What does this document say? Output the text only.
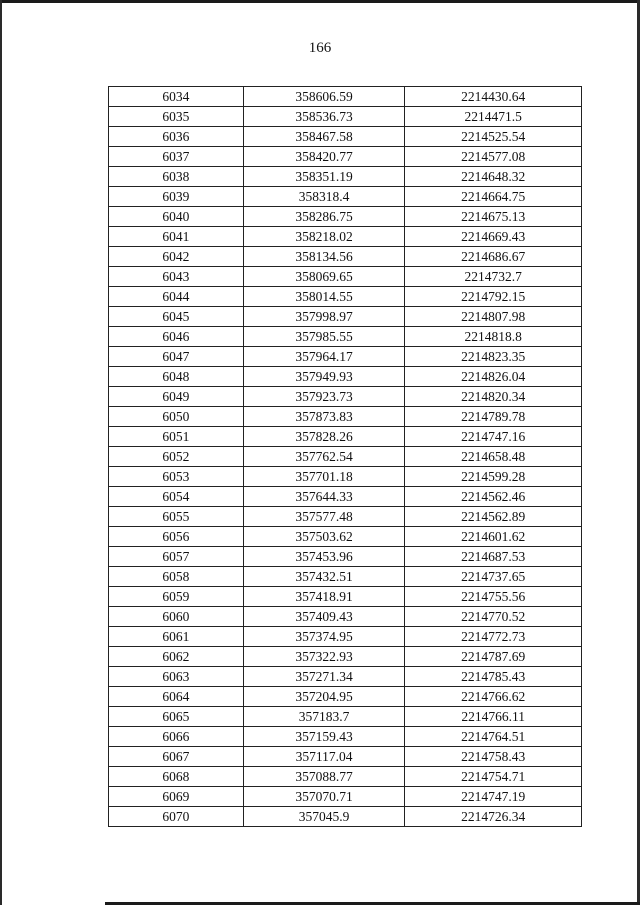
166
6034	358606.59	2214430.64
6035	358536.73	2214471.5
6036	358467.58	2214525.54
6037	358420.77	2214577.08
6038	358351.19	2214648.32
6039	358318.4	2214664.75
6040	358286.75	2214675.13
6041	358218.02	2214669.43
6042	358134.56	2214686.67
6043	358069.65	2214732.7
6044	358014.55	2214792.15
6045	357998.97	2214807.98
6046	357985.55	2214818.8
6047	357964.17	2214823.35
6048	357949.93	2214826.04
6049	357923.73	2214820.34
6050	357873.83	2214789.78
6051	357828.26	2214747.16
6052	357762.54	2214658.48
6053	357701.18	2214599.28
6054	357644.33	2214562.46
6055	357577.48	2214562.89
6056	357503.62	2214601.62
6057	357453.96	2214687.53
6058	357432.51	2214737.65
6059	357418.91	2214755.56
6060	357409.43	2214770.52
6061	357374.95	2214772.73
6062	357322.93	2214787.69
6063	357271.34	2214785.43
6064	357204.95	2214766.62
6065	357183.7	2214766.11
6066	357159.43	2214764.51
6067	357117.04	2214758.43
6068	357088.77	2214754.71
6069	357070.71	2214747.19
6070	357045.9	2214726.34
